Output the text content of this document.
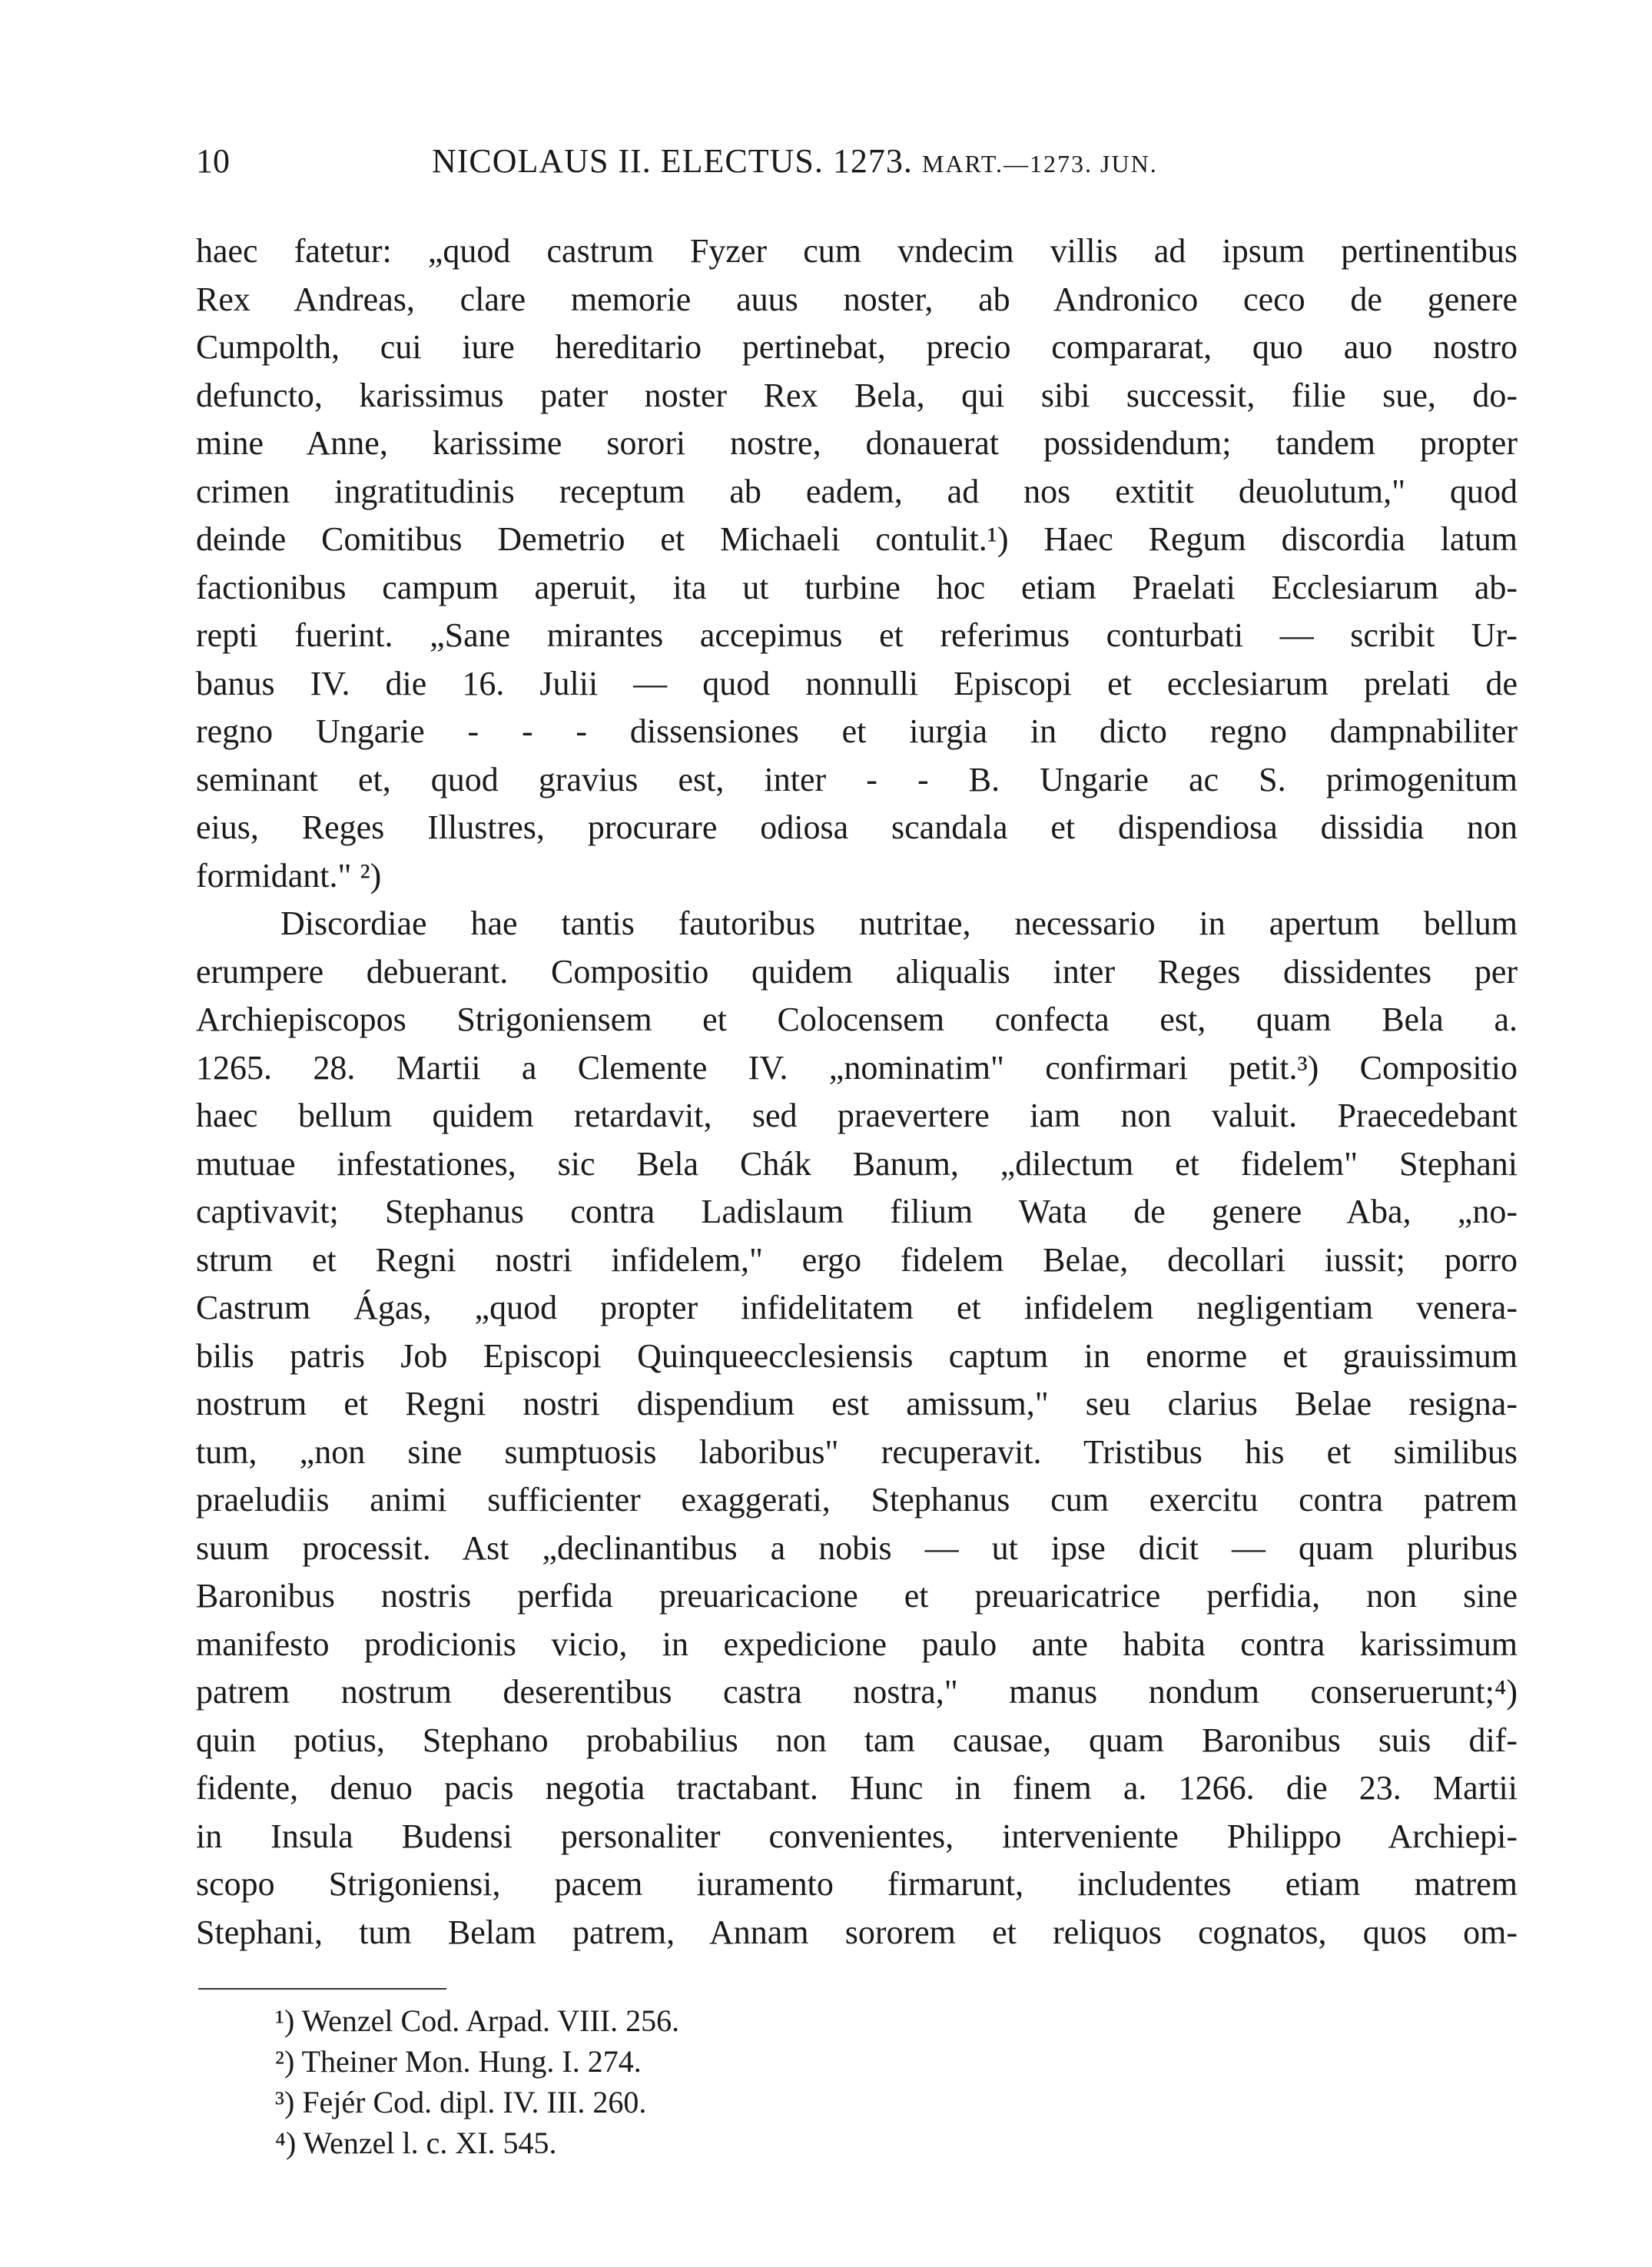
10	NICOLAUS II. ELECTUS. 1273. MART.—1273. JUN.
haec fatetur: „quod castrum Fyzer cum vndecim villis ad ipsum pertinentibus
Rex Andreas, clare memorie auus noster, ab Andronico ceco de genere
Cumpolth, cui iure hereditario pertinebat, precio compararat, quo auo nostro
defuncto, karissimus pater noster Rex Bela, qui sibi successit, filie sue, do-
mine Anne, karissime sorori nostre, donauerat possidendum; tandem propter
crimen ingratitudinis receptum ab eadem, ad nos extitit deuolutum," quod
deinde Comitibus Demetrio et Michaeli contulit.¹) Haec Regum discordia latum
factionibus campum aperuit, ita ut turbine hoc etiam Praelati Ecclesiarum ab-
repti fuerint. „Sane mirantes accepimus et referimus conturbati — scribit Ur-
banus IV. die 16. Julii — quod nonnulli Episcopi et ecclesiarum prelati de
regno Ungarie - - - dissensiones et iurgia in dicto regno dampnabiliter
seminant et, quod gravius est, inter - - B. Ungarie ac S. primogenitum
eius, Reges Illustres, procurare odiosa scandala et dispendiosa dissidia non
formidant." ²)
Discordiae hae tantis fautoribus nutritae, necessario in apertum bellum
erumpere debuerant. Compositio quidem aliqualis inter Reges dissidentes per
Archiepiscopos Strigoniensem et Colocensem confecta est, quam Bela a.
1265. 28. Martii a Clemente IV. „nominatim" confirmari petit.³) Compositio
haec bellum quidem retardavit, sed praevertere iam non valuit. Praecedebant
mutuae infestationes, sic Bela Chák Banum, „dilectum et fidelem" Stephani
captivavit; Stephanus contra Ladislaum filium Wata de genere Aba, „no-
strum et Regni nostri infidelem," ergo fidelem Belae, decollari iussit; porro
Castrum Ágas, „quod propter infidelitatem et infidelem negligentiam venera-
bilis patris Job Episcopi Quinqueecclesiensis captum in enorme et grauissimum
nostrum et Regni nostri dispendium est amissum," seu clarius Belae resigna-
tum, „non sine sumptuosis laboribus" recuperavit. Tristibus his et similibus
praeludiis animi sufficienter exaggerati, Stephanus cum exercitu contra patrem
suum processit. Ast „declinantibus a nobis — ut ipse dicit — quam pluribus
Baronibus nostris perfida preuaricacione et preuaricatrice perfidia, non sine
manifesto prodicionis vicio, in expedicione paulo ante habita contra karissimum
patrem nostrum deserentibus castra nostra," manus nondum conseruerunt;⁴)
quin potius, Stephano probabilius non tam causae, quam Baronibus suis dif-
fidente, denuo pacis negotia tractabant. Hunc in finem a. 1266. die 23. Martii
in Insula Budensi personaliter convenientes, interveniente Philippo Archiepi-
scopo Strigoniensi, pacem iuramento firmarunt, includentes etiam matrem
Stephani, tum Belam patrem, Annam sororem et reliquos cognatos, quos om-
¹) Wenzel Cod. Arpad. VIII. 256.
²) Theiner Mon. Hung. I. 274.
³) Fejér Cod. dipl. IV. III. 260.
⁴) Wenzel l. c. XI. 545.
